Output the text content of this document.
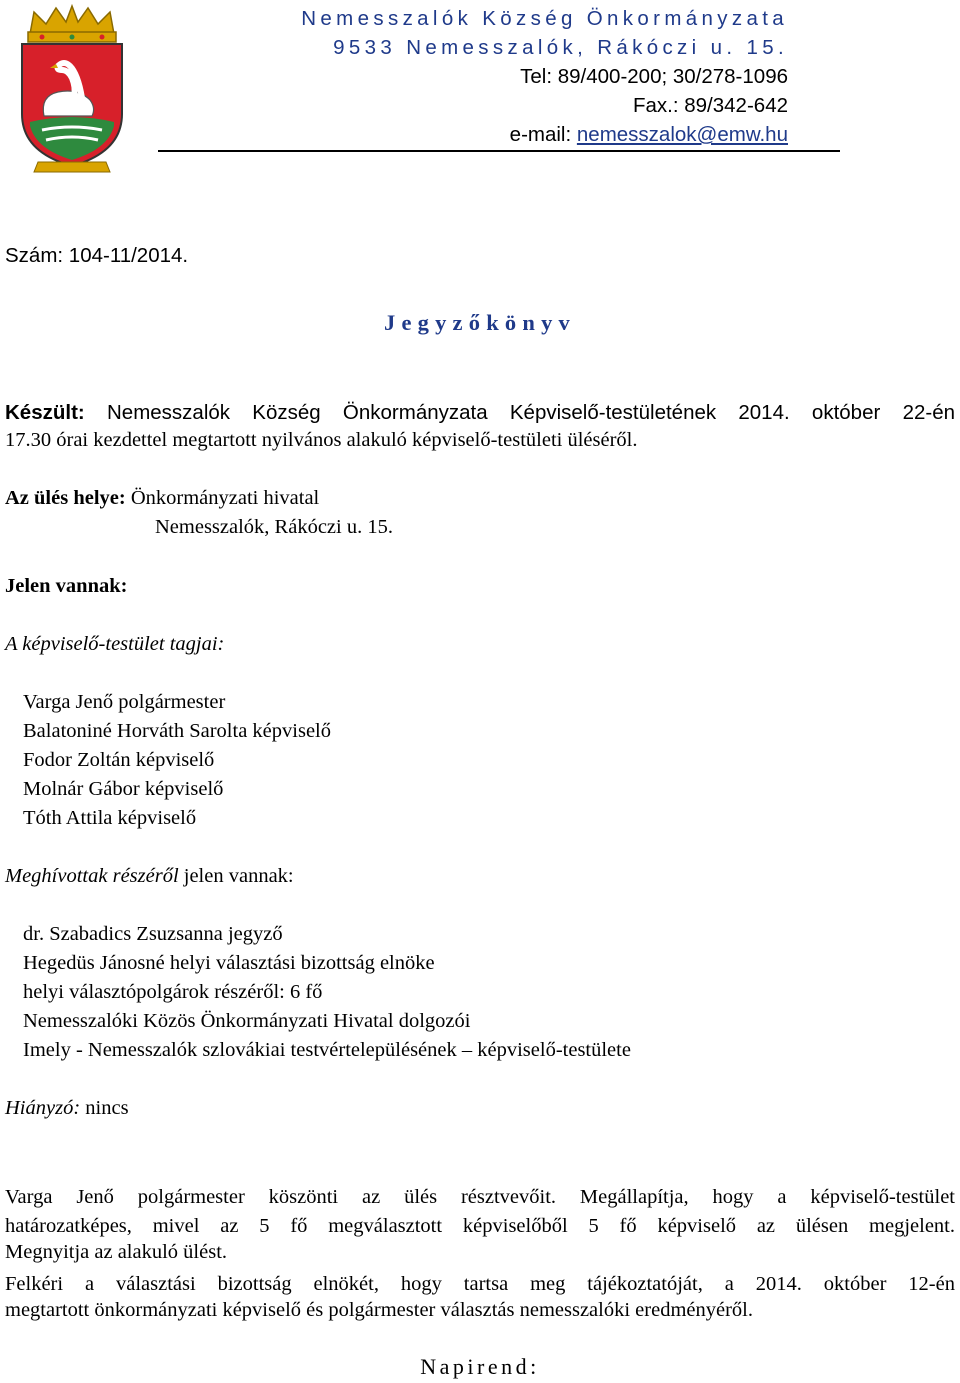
Nemesszalók Község Önkormányzata
9533 Nemesszalók, Rákóczi u. 15.
Tel: 89/400-200; 30/278-1096
Fax.: 89/342-642
e-mail: nemesszalok@emw.hu
Szám: 104-11/2014.
Jegyzőkönyv
Készült: Nemesszalók Község Önkormányzata Képviselő-testületének 2014. október 22-én
17.30 órai kezdettel megtartott nyilvános alakuló képviselő-testületi üléséről.
Az ülés helye: Önkormányzati hivatal
Nemesszalók, Rákóczi u. 15.
Jelen vannak:
A képviselő-testület tagjai:
Varga Jenő polgármester
Balatoniné Horváth Sarolta képviselő
Fodor Zoltán képviselő
Molnár Gábor képviselő
Tóth Attila képviselő
Meghívottak részéről jelen vannak:
dr. Szabadics Zsuzsanna jegyző
Hegedüs Jánosné helyi választási bizottság elnöke
helyi választópolgárok részéről: 6 fő
Nemesszalóki Közös Önkormányzati Hivatal dolgozói
Imely - Nemesszalók szlovákiai testvértelepülésének – képviselő-testülete
Hiányzó: nincs
Varga Jenő polgármester köszönti az ülés résztvevőit. Megállapítja, hogy a képviselő-testület
határozatképes, mivel az 5 fő megválasztott képviselőből 5 fő képviselő az ülésen megjelent.
Megnyitja az alakuló ülést.
Felkéri a választási bizottság elnökét, hogy tartsa meg tájékoztatóját, a 2014. október 12-én
megtartott önkormányzati képviselő és polgármester választás nemesszalóki eredményéről.
Napirend:
